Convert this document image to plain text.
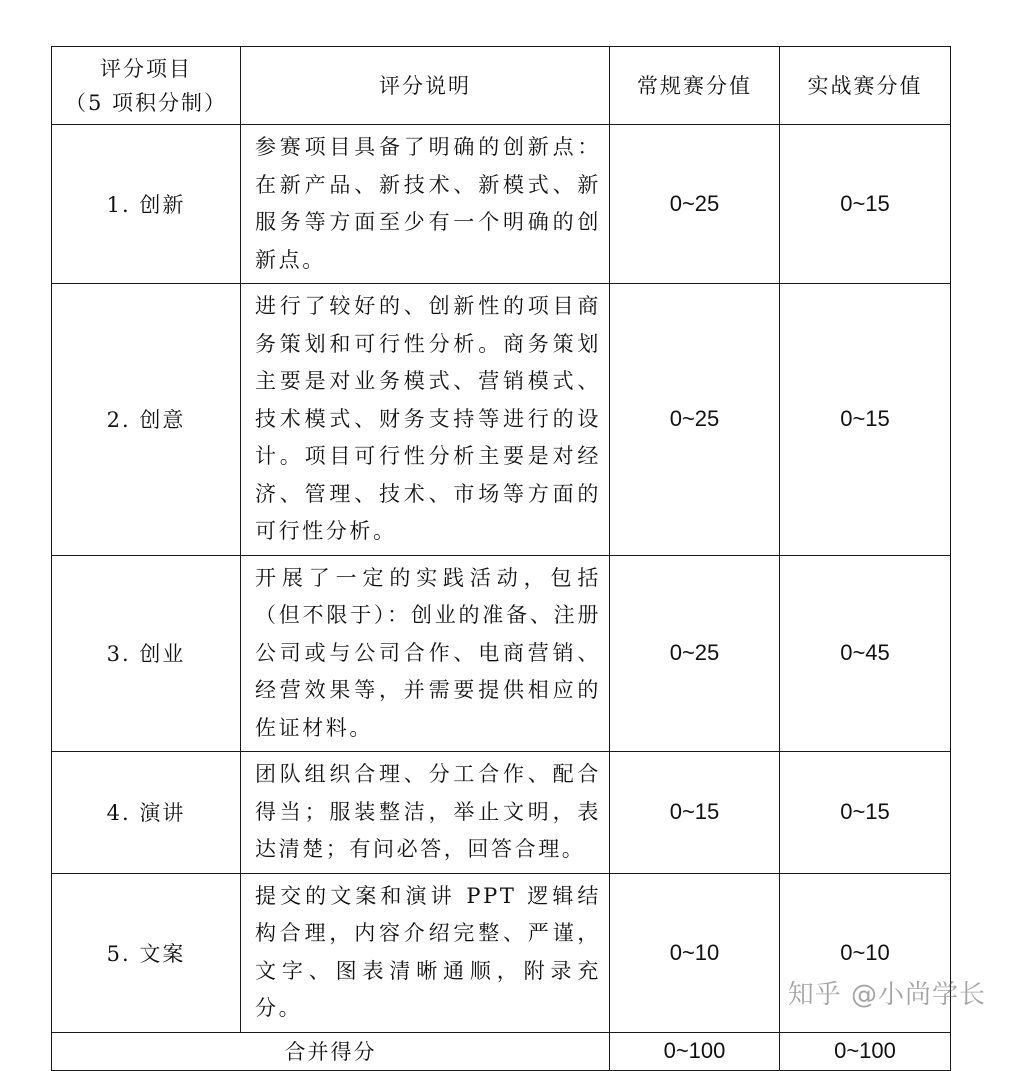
评分项目
（5 项积分制）	评分说明	常规赛分值	实战赛分值
1. 创新	参赛项目具备了明确的创新点：在新产品、新技术、新模式、新服务等方面至少有一个明确的创新点。	0~25	0~15
2. 创意	进行了较好的、创新性的项目商务策划和可行性分析。商务策划主要是对业务模式、营销模式、技术模式、财务支持等进行的设计。项目可行性分析主要是对经济、管理、技术、市场等方面的可行性分析。	0~25	0~15
3. 创业	开展了一定的实践活动，包括（但不限于）：创业的准备、注册公司或与公司合作、电商营销、经营效果等，并需要提供相应的佐证材料。	0~25	0~45
4. 演讲	团队组织合理、分工合作、配合得当；服装整洁，举止文明，表达清楚；有问必答，回答合理。	0~15	0~15
5. 文案	提交的文案和演讲 PPT 逻辑结构合理，内容介绍完整、严谨，文字、图表清晰通顺，附录充分。	0~10	0~10
合并得分		0~100	0~100
知乎 @小尚学长
